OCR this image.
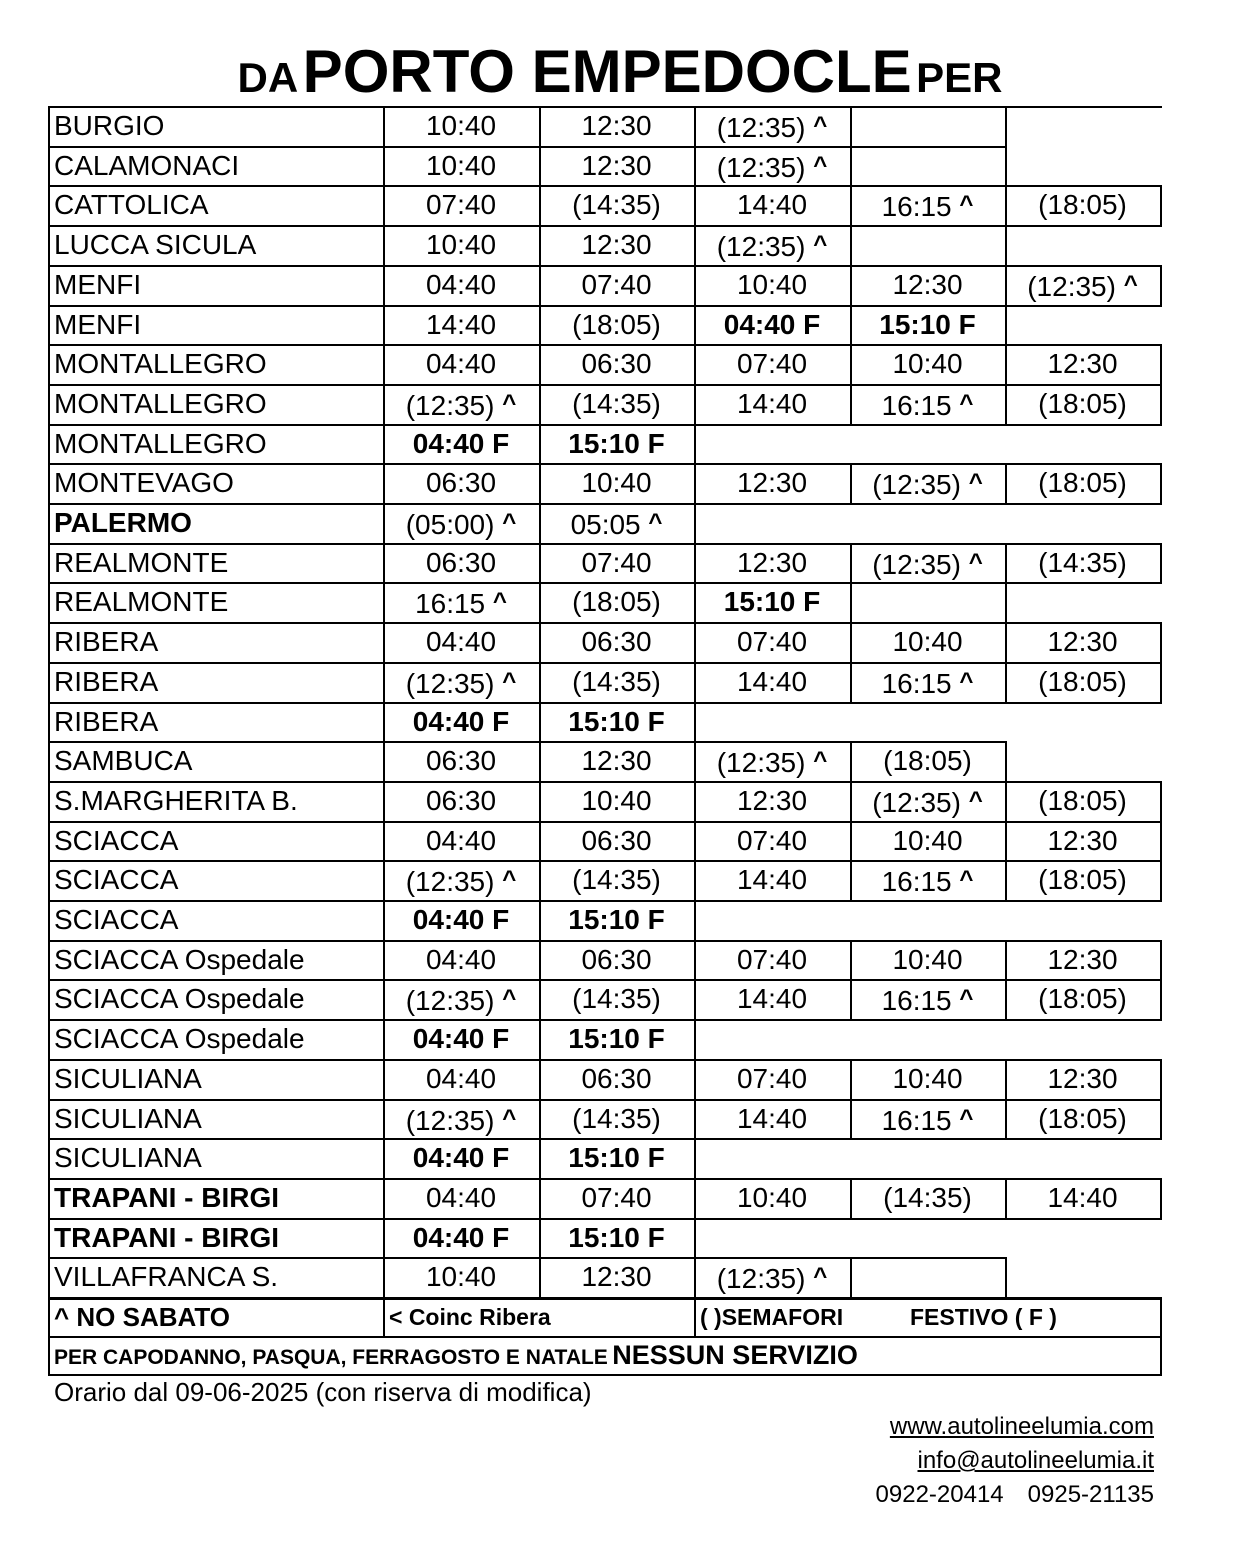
DA PORTO EMPEDOCLE PER
BURGIO	10:40	12:30	(12:35) ^
CALAMONACI	10:40	12:30	(12:35) ^
CATTOLICA	07:40	(14:35)	14:40	16:15 ^	(18:05)
LUCCA SICULA	10:40	12:30	(12:35) ^
MENFI	04:40	07:40	10:40	12:30	(12:35) ^
MENFI	14:40	(18:05)	04:40 F	15:10 F
MONTALLEGRO	04:40	06:30	07:40	10:40	12:30
MONTALLEGRO	(12:35) ^	(14:35)	14:40	16:15 ^	(18:05)
MONTALLEGRO	04:40 F	15:10 F
MONTEVAGO	06:30	10:40	12:30	(12:35) ^	(18:05)
PALERMO	(05:00) ^	05:05 ^
REALMONTE	06:30	07:40	12:30	(12:35) ^	(14:35)
REALMONTE	16:15 ^	(18:05)	15:10 F
RIBERA	04:40	06:30	07:40	10:40	12:30
RIBERA	(12:35) ^	(14:35)	14:40	16:15 ^	(18:05)
RIBERA	04:40 F	15:10 F
SAMBUCA	06:30	12:30	(12:35) ^	(18:05)
S.MARGHERITA B.	06:30	10:40	12:30	(12:35) ^	(18:05)
SCIACCA	04:40	06:30	07:40	10:40	12:30
SCIACCA	(12:35) ^	(14:35)	14:40	16:15 ^	(18:05)
SCIACCA	04:40 F	15:10 F
SCIACCA Ospedale	04:40	06:30	07:40	10:40	12:30
SCIACCA Ospedale	(12:35) ^	(14:35)	14:40	16:15 ^	(18:05)
SCIACCA Ospedale	04:40 F	15:10 F
SICULIANA	04:40	06:30	07:40	10:40	12:30
SICULIANA	(12:35) ^	(14:35)	14:40	16:15 ^	(18:05)
SICULIANA	04:40 F	15:10 F
TRAPANI - BIRGI	04:40	07:40	10:40	(14:35)	14:40
TRAPANI - BIRGI	04:40 F	15:10 F
VILLAFRANCA S.	10:40	12:30	(12:35) ^
^ NO SABATO	< Coinc Ribera	( )SEMAFORI	FESTIVO ( F )
PER CAPODANNO, PASQUA, FERRAGOSTO E NATALE NESSUN SERVIZIO
Orario dal 09-06-2025 (con riserva di modifica)
www.autolineelumia.com
info@autolineelumia.it
0922-20414 0925-21135
